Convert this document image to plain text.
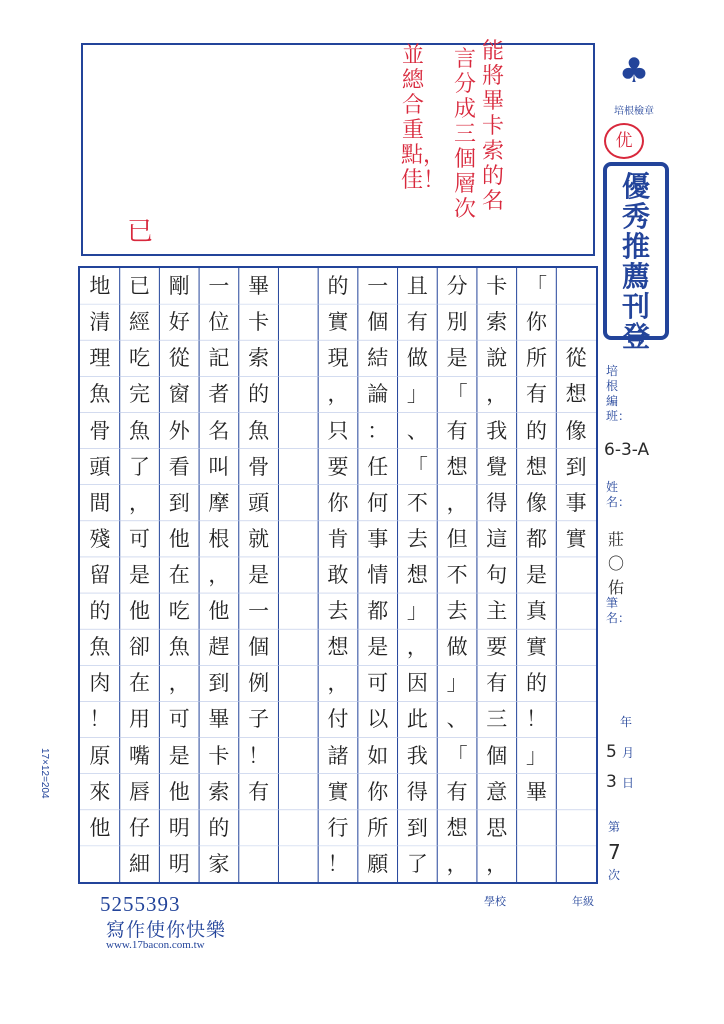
能將畢卡索的名
言分成三個層次
並總合重點，佳！
已
♣
培根檢章
优
優
秀
推
薦
刊
登
培根編班：
6-3-A
姓名：
莊〇佑
筆名：
年
5 月
3 日
第
7
次

從
想
像
到
事
實
「
你
所
有
的
想
像
都
是
真
實
的
！
」
畢
卡
索
說
，
我
覺
得
這
句
主
要
有
三
個
意
思
，
分
別
是
「
有
想
，
但
不
去
做
」
、
「
有
想
，
且
有
做
」
、
「
不
去
想
」
，
因
此
我
得
到
了
一
個
結
論
：
任
何
事
情
都
是
可
以
如
你
所
願
的
實
現
，
只
要
你
肯
敢
去
想
，
付
諸
實
行
！
畢
卡
索
的
魚
骨
頭
就
是
一
個
例
子
！
有
一
位
記
者
名
叫
摩
根
，
他
趕
到
畢
卡
索
的
家
剛
好
從
窗
外
看
到
他
在
吃
魚
，
可
是
他
明
明
已
經
吃
完
魚
了
，
可
是
他
卻
在
用
嘴
唇
仔
細
地
清
理
魚
骨
頭
間
殘
留
的
魚
肉
！
原
來
他
5255393
寫作使你快樂
www.17bacon.com.tw
17×12=204
學校	年級
